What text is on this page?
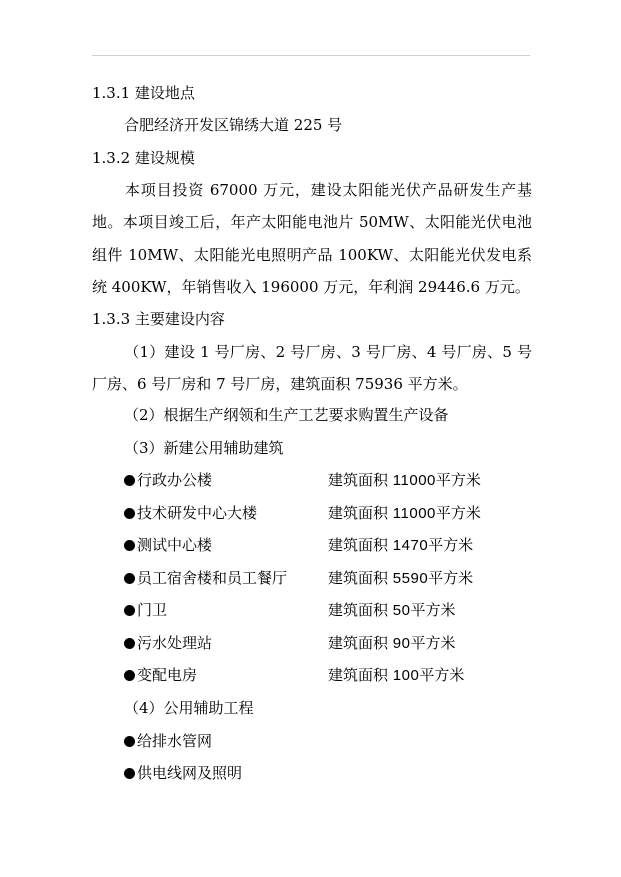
1.3.1 建设地点
合肥经济开发区锦绣大道 225 号
1.3.2 建设规模
本项目投资 67000 万元，建设太阳能光伏产品研发生产基地。本项目竣工后，年产太阳能电池片 50MW、太阳能光伏电池组件 10MW、太阳能光电照明产品 100KW、太阳能光伏发电系统 400KW，年销售收入 196000 万元，年利润 29446.6 万元。
1.3.3 主要建设内容
（1）建设 1 号厂房、2 号厂房、3 号厂房、4 号厂房、5 号厂房、6 号厂房和 7 号厂房，建筑面积 75936 平方米。
（2）根据生产纲领和生产工艺要求购置生产设备
（3）新建公用辅助建筑
行政办公楼	建筑面积 11000平方米
技术研发中心大楼	建筑面积 11000平方米
测试中心楼	建筑面积 1470平方米
员工宿舍楼和员工餐厅	建筑面积 5590平方米
门卫	建筑面积 50平方米
污水处理站	建筑面积 90平方米
变配电房	建筑面积 100平方米
（4）公用辅助工程
给排水管网
供电线网及照明
